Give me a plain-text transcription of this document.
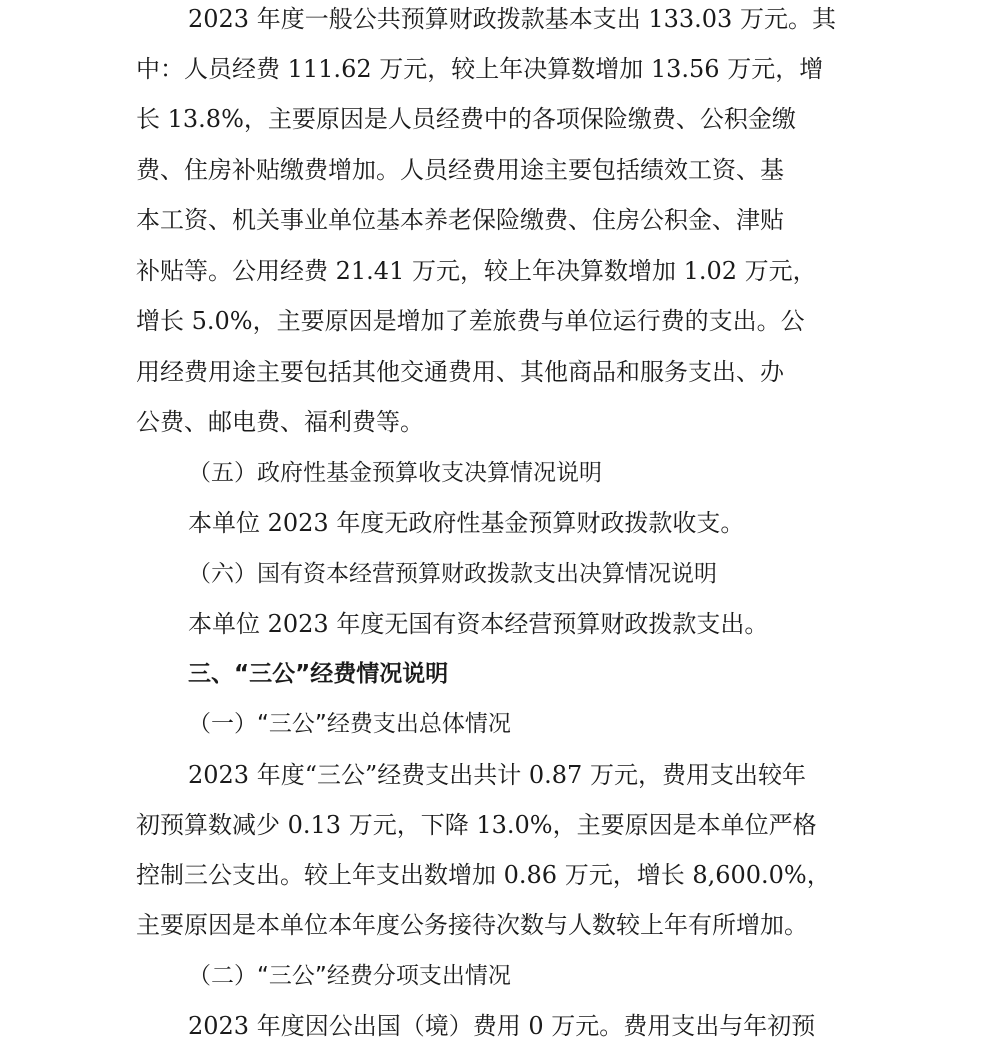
2023 年度一般公共预算财政拨款基本支出 133.03 万元。其
中：人员经费 111.62 万元，较上年决算数增加 13.56 万元，增
长 13.8%，主要原因是人员经费中的各项保险缴费、公积金缴
费、住房补贴缴费增加。人员经费用途主要包括绩效工资、基
本工资、机关事业单位基本养老保险缴费、住房公积金、津贴
补贴等。公用经费 21.41 万元，较上年决算数增加 1.02 万元，
增长 5.0%，主要原因是增加了差旅费与单位运行费的支出。公
用经费用途主要包括其他交通费用、其他商品和服务支出、办
公费、邮电费、福利费等。
（五）政府性基金预算收支决算情况说明
本单位 2023 年度无政府性基金预算财政拨款收支。
（六）国有资本经营预算财政拨款支出决算情况说明
本单位 2023 年度无国有资本经营预算财政拨款支出。
三、“三公”经费情况说明
（一）“三公”经费支出总体情况
2023 年度“三公”经费支出共计 0.87 万元，费用支出较年
初预算数减少 0.13 万元，下降 13.0%，主要原因是本单位严格
控制三公支出。较上年支出数增加 0.86 万元，增长 8,600.0%，
主要原因是本单位本年度公务接待次数与人数较上年有所增加。
（二）“三公”经费分项支出情况
2023 年度因公出国（境）费用 0 万元。费用支出与年初预
